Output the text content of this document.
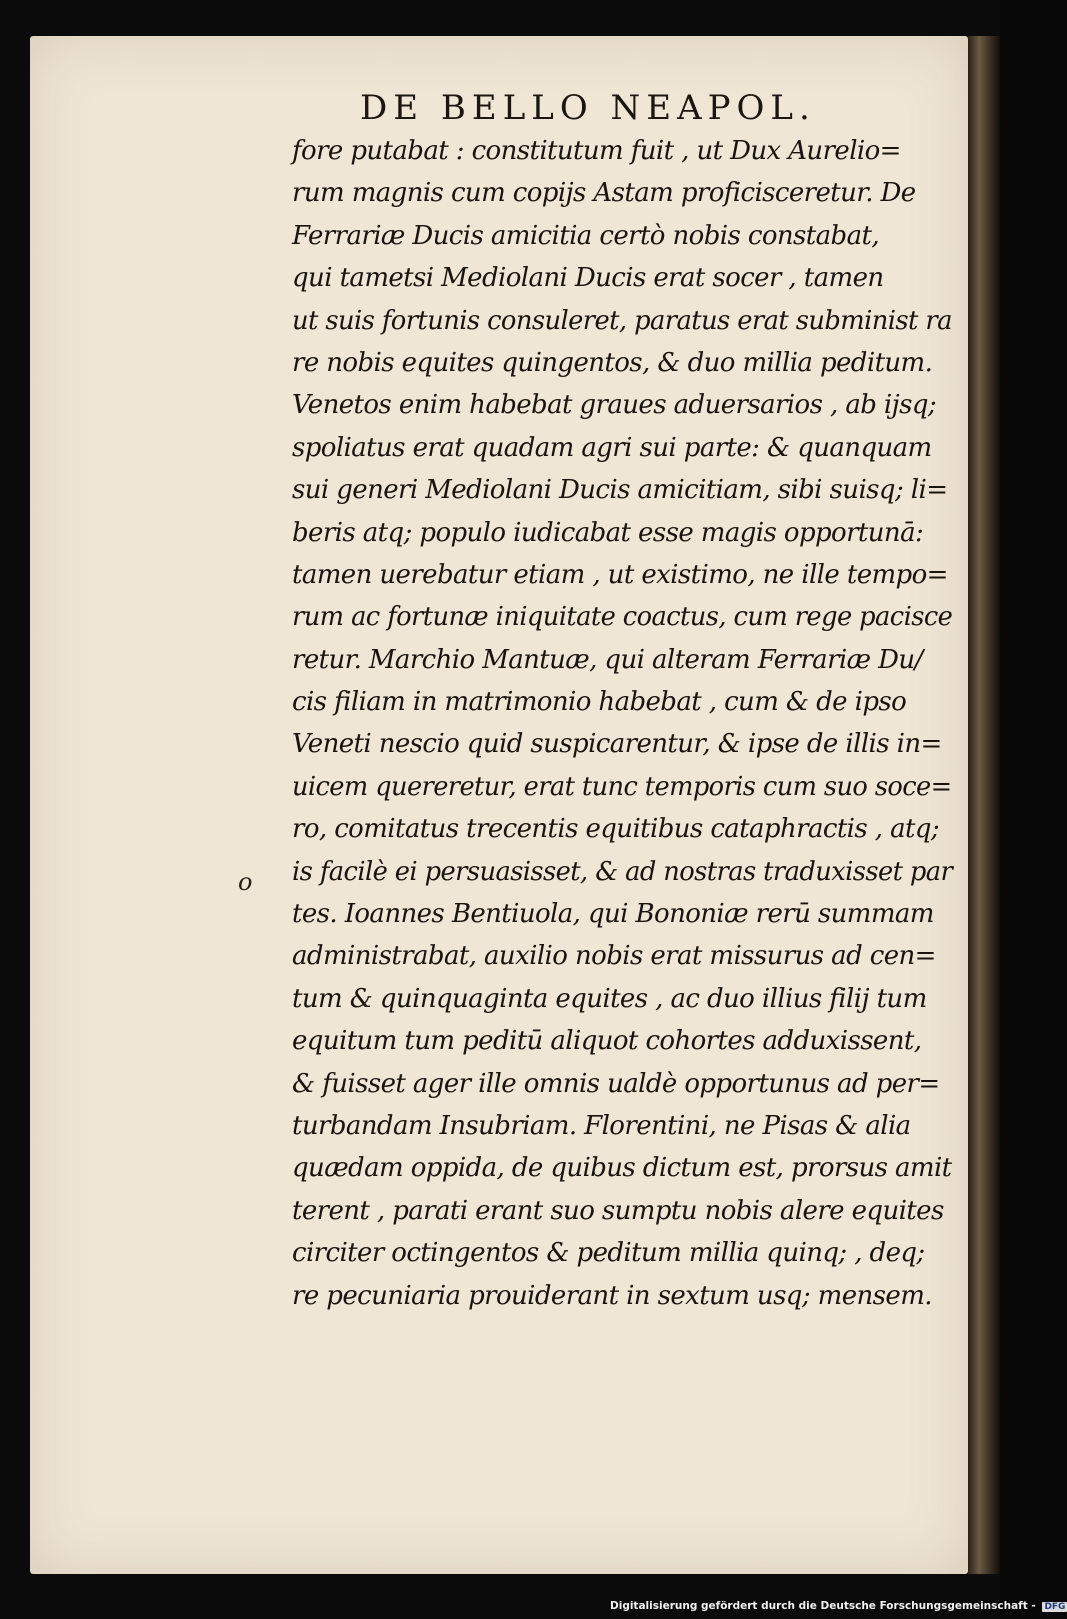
DE BELLO NEAPOL.
o
fore putabat : constitutum fuit , ut Dux Aurelio=
rum magnis cum copijs Astam proficisceretur. De
Ferrariæ Ducis amicitia certò nobis constabat,
qui tametsi Mediolani Ducis erat socer , tamen
ut suis fortunis consuleret, paratus erat subminist ra
re nobis equites quingentos, & duo millia peditum.
Venetos enim habebat graues aduersarios , ab ijsq;
spoliatus erat quadam agri sui parte: & quanquam
sui generi Mediolani Ducis amicitiam, sibi suisq; li=
beris atq; populo iudicabat esse magis opportunā:
tamen uerebatur etiam , ut existimo, ne ille tempo=
rum ac fortunæ iniquitate coactus, cum rege pacisce
retur. Marchio Mantuæ, qui alteram Ferrariæ Du/
cis filiam in matrimonio habebat , cum & de ipso
Veneti nescio quid suspicarentur, & ipse de illis in=
uicem quereretur, erat tunc temporis cum suo soce=
ro, comitatus trecentis equitibus cataphractis , atq;
is facilè ei persuasisset, & ad nostras traduxisset par
tes. Ioannes Bentiuola, qui Bononiæ rerū summam
administrabat, auxilio nobis erat missurus ad cen=
tum & quinquaginta equites , ac duo illius filij tum
equitum tum peditū aliquot cohortes adduxissent,
& fuisset ager ille omnis ualdè opportunus ad per=
turbandam Insubriam. Florentini, ne Pisas & alia
quædam oppida, de quibus dictum est, prorsus amit
terent , parati erant suo sumptu nobis alere equites
circiter octingentos & peditum millia quinq; , deq;
re pecuniaria prouiderant in sextum usq; mensem.
Digitalisierung gefördert durch die Deutsche Forschungsgemeinschaft - DFG
